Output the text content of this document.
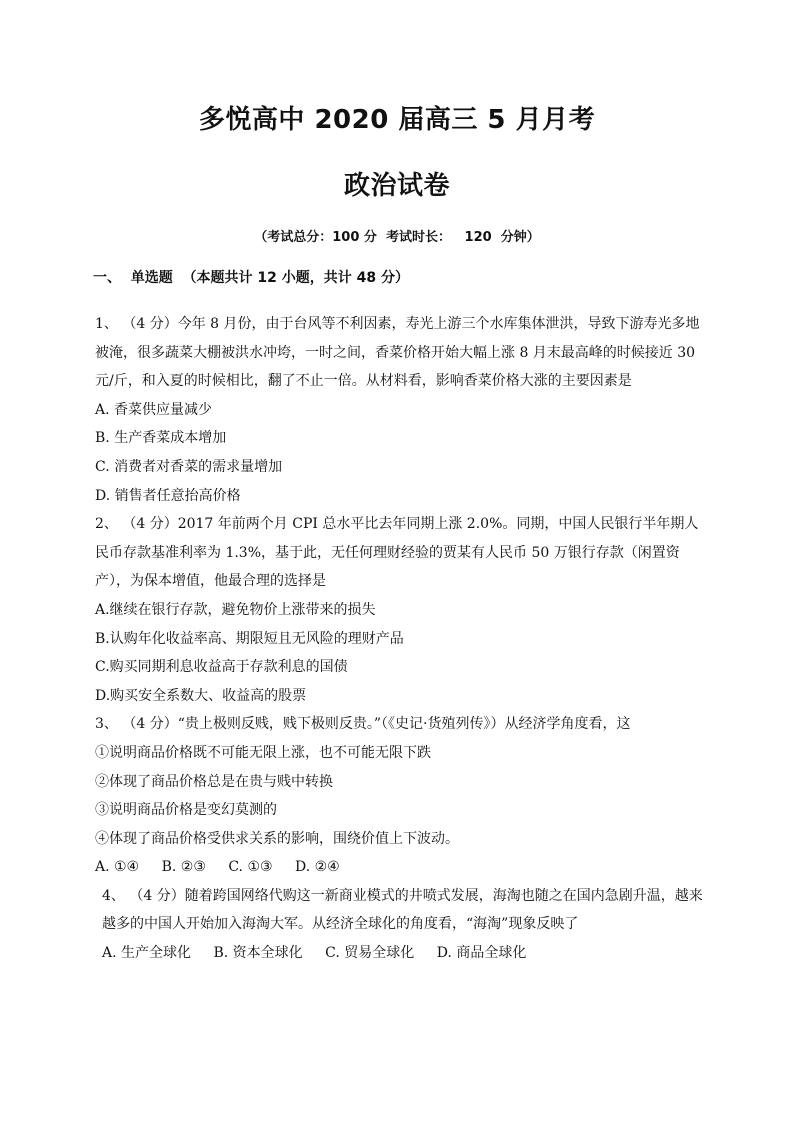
多悦高中 2020 届高三 5 月月考
政治试卷
（考试总分：100 分  考试时长：   120  分钟）
一、  单选题  （本题共计 12 小题，共计 48 分）

1、 （4 分）今年 8 月份，由于台风等不利因素，寿光上游三个水库集体泄洪，导致下游寿光多地被淹，很多蔬菜大棚被洪水冲垮，一时之间，香菜价格开始大幅上涨 8 月末最高峰的时候接近 30 元/斤，和入夏的时候相比，翻了不止一倍。从材料看，影响香菜价格大涨的主要因素是

A. 香菜供应量减少

B. 生产香菜成本增加

C. 消费者对香菜的需求量增加

D. 销售者任意抬高价格

2、 （4 分）2017 年前两个月 CPI 总水平比去年同期上涨 2.0%。同期，中国人民银行半年期人民币存款基准利率为 1.3%，基于此，无任何理财经验的贾某有人民币 50 万银行存款（闲置资产），为保本增值，他最合理的选择是

A.继续在银行存款，避免物价上涨带来的损失

B.认购年化收益率高、期限短且无风险的理财产品

C.购买同期利息收益高于存款利息的国债

D.购买安全系数大、收益高的股票

3、 （4 分）“贵上极则反贱，贱下极则反贵。”（《史记·货殖列传》）从经济学角度看，这

①说明商品价格既不可能无限上涨，也不可能无限下跌

②体现了商品价格总是在贵与贱中转换

③说明商品价格是变幻莫测的

④体现了商品价格受供求关系的影响，围绕价值上下波动。

A. ①④ B. ②③ C. ①③ D. ②④

4、 （4 分）随着跨国网络代购这一新商业模式的井喷式发展，海淘也随之在国内急剧升温，越来越多的中国人开始加入海淘大军。从经济全球化的角度看，“海淘”现象反映了

A. 生产全球化 B. 资本全球化 C. 贸易全球化 D. 商品全球化
